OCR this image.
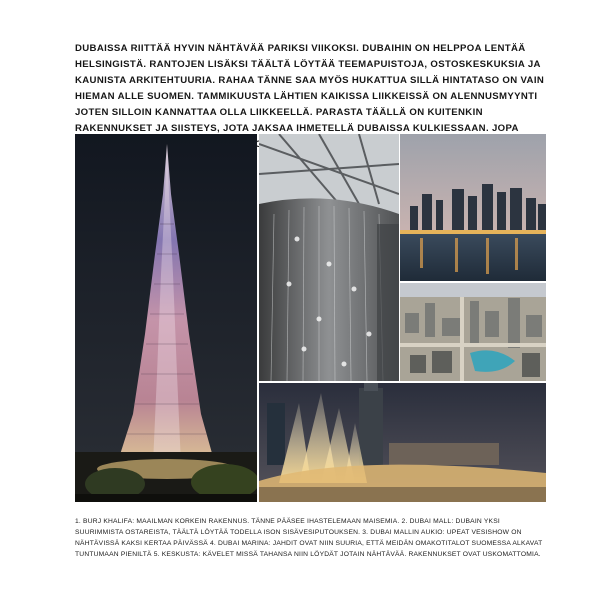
DUBAISSA RIITTÄÄ HYVIN NÄHTÄVÄÄ PARIKSI VIIKOKSI. DUBAIHIN ON HELPPOA LENTÄÄ HELSINGISTÄ. RANTOJEN LISÄKSI TÄÄLTÄ LÖYTÄÄ TEEMAPUISTOJA, OSTOSKESKUKSIA JA KAUNISTA ARKITEHTUURIA. RAHAA TÄNNE SAA MYÖS HUKATTUA SILLÄ HINTATASO ON VAIN HIEMAN ALLE SUOMEN. TAMMIKUUSTA LÄHTIEN KAIKISSA LIIKKEISSÄ ON ALENNUSMYYNTI JOTEN SILLOIN KANNATTAA OLLA LIIKKEELLÄ. PARASTA TÄÄLLÄ ON KUITENKIN RAKENNUKSET JA SIISTEYS, JOTA JAKSAA IHMETELLÄ DUBAISSA KULKIESSAAN. JOPA
1. BURJ KHALIFA: MAAILMAN KORKEIN RAKENNUS. TÄNNE PÄÄSEE IHASTELEMAAN MAISEMIA. 2. DUBAI MALL: DUBAIN YKSI SUURIMMISTA OSTAREISTA, TÄÄLTÄ LÖYTÄÄ TODELLA ISON SISÄVESIPUTOUKSEN. 3. DUBAI MALLIN AUKIO: UPEAT VESISHOW ON NÄHTÄVISSÄ KAKSI KERTAA PÄIVÄSSÄ 4. DUBAI MARINA: JAHDIT OVAT NIIN SUURIA, ETTÄ MEIDÄN OMAKOTITALOT SUOMESSA ALKAVAT TUNTUMAAN PIENILTÄ 5. KESKUSTA: KÄVELET MISSÄ TAHANSA NIIN LÖYDÄT JOTAIN NÄHTÄVÄÄ. RAKENNUKSET OVAT USKOMATTOMIA.
